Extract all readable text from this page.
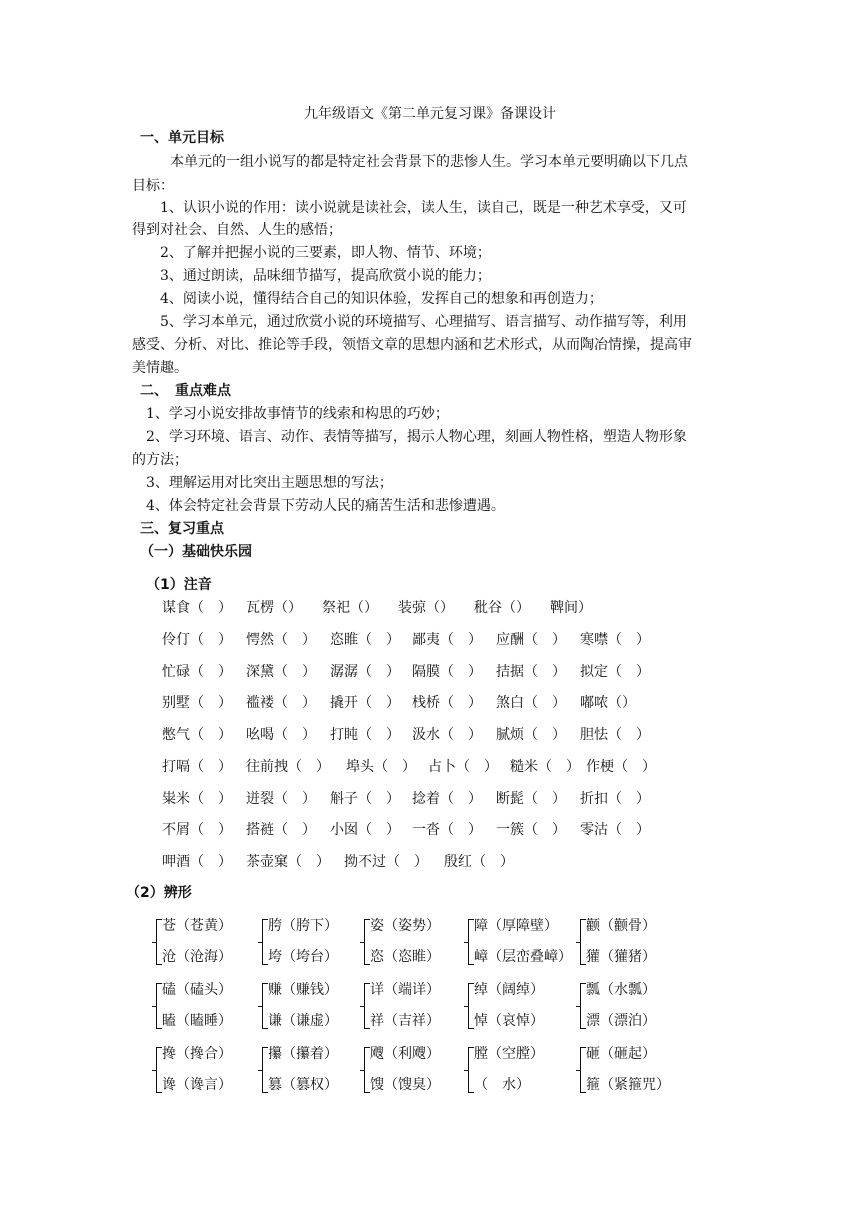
九年级语文《第二单元复习课》备课设计
一、单元目标
本单元的一组小说写的都是特定社会背景下的悲惨人生。学习本单元要明确以下几点
目标：
1、认识小说的作用：读小说就是读社会，读人生，读自己，既是一种艺术享受，又可
得到对社会、自然、人生的感悟；
2、了解并把握小说的三要素，即人物、情节、环境；
3、通过朗读，品味细节描写，提高欣赏小说的能力；
4、阅读小说，懂得结合自己的知识体验，发挥自己的想象和再创造力；
5、学习本单元，通过欣赏小说的环境描写、心理描写、语言描写、动作描写等，利用
感受、分析、对比、推论等手段，领悟文章的思想内涵和艺术形式，从而陶冶情操，提高审
美情趣。
二、　重点难点
1、学习小说安排故事情节的线索和构思的巧妙；
2、学习环境、语言、动作、表情等描写，揭示人物心理，刻画人物性格，塑造人物形象
的方法；
3、理解运用对比突出主题思想的写法；
4、体会特定社会背景下劳动人民的痛苦生活和悲惨遭遇。
三、复习重点
（一）基础快乐园
（1）注音
谋食（　） 瓦楞（） 祭祀（） 装弶（） 秕谷（） 鞞间）
伶仃（　） 愕然（　） 恣睢（　） 鄙夷（　） 应酬（　） 寒噤（　）
忙碌（　） 深黛（　） 潺潺（　） 隔膜（　） 拮据（　） 拟定（　）
别墅（　） 褴褛（　） 撬开（　） 栈桥（　） 煞白（　） 嘟哝（）
憋气（　） 吆喝（　） 打盹（　） 汲水（　） 腻烦（　） 胆怯（　）
打嗝（　） 往前拽（　） 埠头（　） 占卜（　） 糙米（　） 作梗（　）
粜米（　） 迸裂（　） 斛子（　） 捻着（　） 断髭（　） 折扣（　）
不屑（　） 搭裢（　） 小囡（　） 一沓（　） 一簇（　） 零沽（　）
呷酒（　） 茶壶窠（　） 拗不过（　） 殷红（　）
（2）辨形
苍（苍黄）
沧（沧海）
胯（胯下）
垮（垮台）
姿（姿势）
恣（恣睢）
障（厚障壁）
嶂（层峦叠嶂）
颧（颧骨）
獾（獾猪）
磕（磕头）
瞌（瞌睡）
赚（赚钱）
谦（谦虚）
详（端详）
祥（吉祥）
绰（阔绰）
悼（哀悼）
瓢（水瓢）
漂（漂泊）
搀（搀合）
谗（谗言）
攥（攥着）
篡（篡权）
飕（利飕）
馊（馊臭）
膛（空膛）
（　水）
砸（砸起）
箍（紧箍咒）
